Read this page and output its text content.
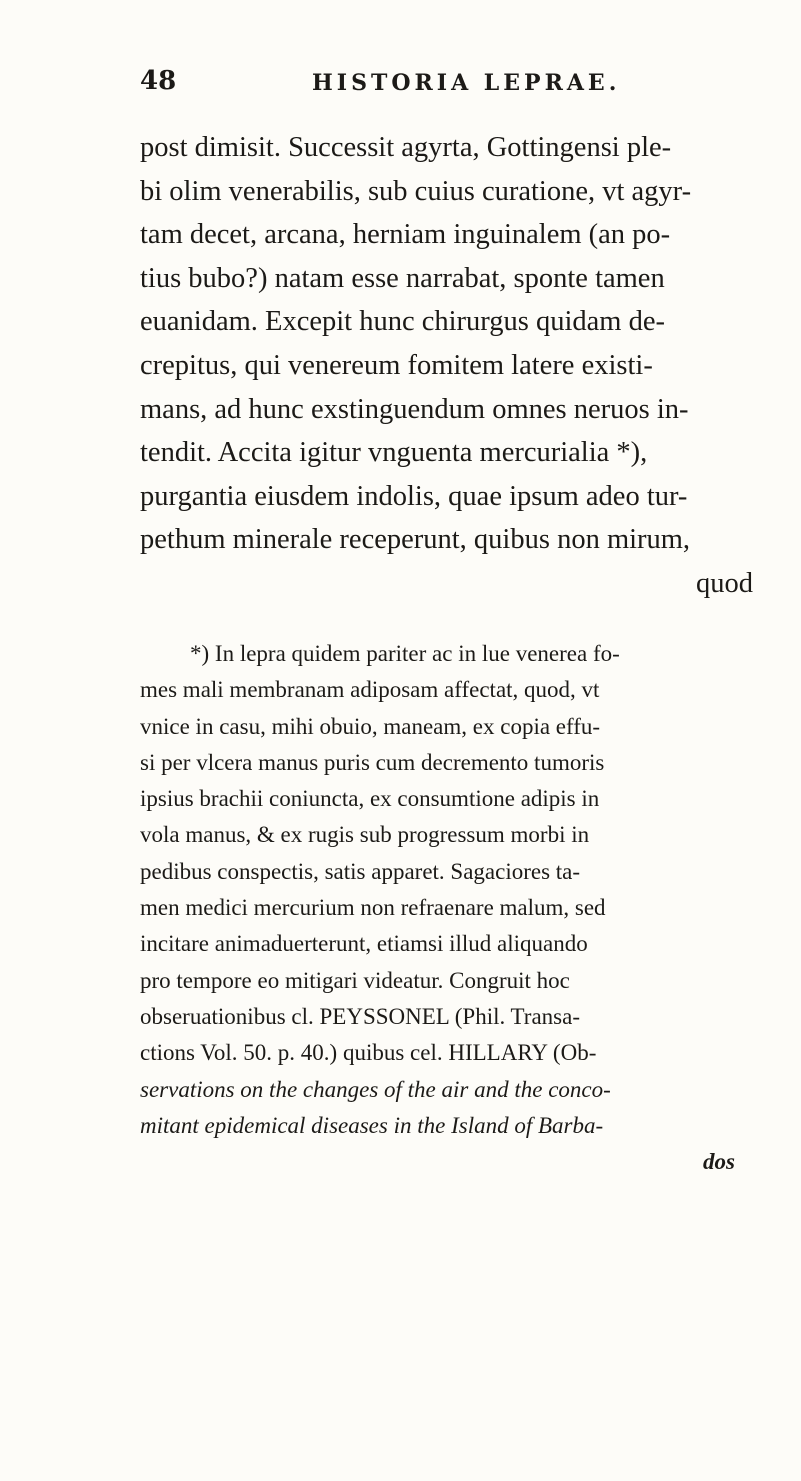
48	HISTORIA LEPRAE.
post dimisit. Successit agyrta, Gottingensi ple-
bi olim venerabilis, sub cuius curatione, vt agyr-
tam decet, arcana, herniam inguinalem (an po-
tius bubo?) natam esse narrabat, sponte tamen
euanidam. Excepit hunc chirurgus quidam de-
crepitus, qui venereum fomitem latere existi-
mans, ad hunc exstinguendum omnes neruos in-
tendit. Accita igitur vnguenta mercurialia *),
purgantia eiusdem indolis, quae ipsum adeo tur-
pethum minerale receperunt, quibus non mirum,
quod
*) In lepra quidem pariter ac in lue venerea fo-
mes mali membranam adiposam affectat, quod, vt
vnice in casu, mihi obuio, maneam, ex copia effu-
si per vlcera manus puris cum decremento tumoris
ipsius brachii coniuncta, ex consumtione adipis in
vola manus, & ex rugis sub progressum morbi in
pedibus conspectis, satis apparet. Sagaciores ta-
men medici mercurium non refraenare malum, sed
incitare animaduerterunt, etiamsi illud aliquando
pro tempore eo mitigari videatur. Congruit hoc
obseruationibus cl. PEYSSONEL (Phil. Transa-
ctions Vol. 50. p. 40.) quibus cel. HILLARY (Ob-
servations on the changes of the air and the conco-
mitant epidemical diseases in the Island of Barba-
dos
